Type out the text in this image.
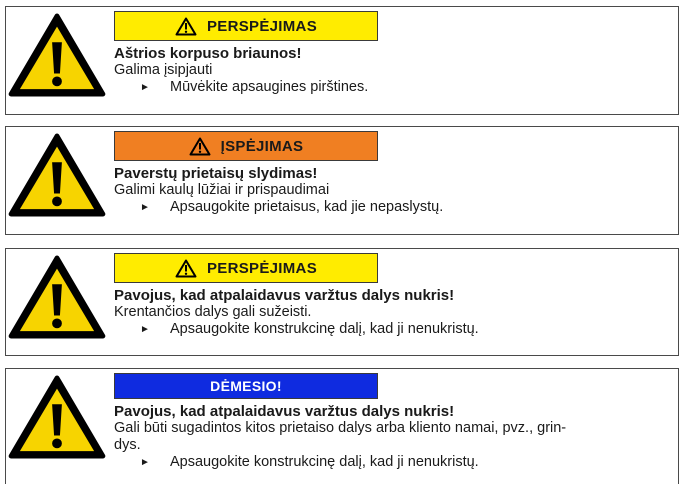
PERSPĖJIMAS
Aštrios korpuso briaunos!
Galima įsipjauti
►	Mūvėkite apsaugines pirštines.
ĮSPĖJIMAS
Paverstų prietaisų slydimas!
Galimi kaulų lūžiai ir prispaudimai
►	Apsaugokite prietaisus, kad jie nepaslystų.
PERSPĖJIMAS
Pavojus, kad atpalaidavus varžtus dalys nukris!
Krentančios dalys gali sužeisti.
►	Apsaugokite konstrukcinę dalį, kad ji nenukristų.
DĖMESIO!
Pavojus, kad atpalaidavus varžtus dalys nukris!
Gali būti sugadintos kitos prietaiso dalys arba kliento namai, pvz., grin-
dys.
►	Apsaugokite konstrukcinę dalį, kad ji nenukristų.
